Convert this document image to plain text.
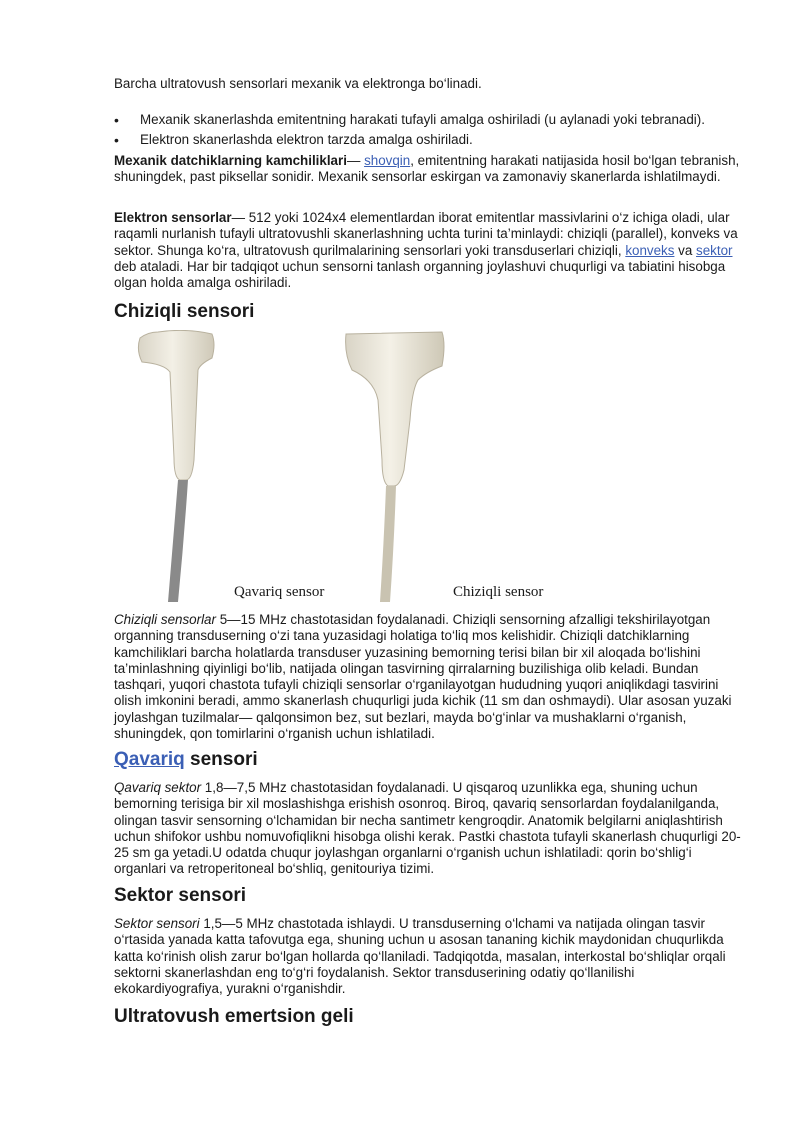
Barcha ultratovush sensorlari mexanik va elektronga bo‘linadi.

• Mexanik skanerlashda emitentning harakati tufayli amalga oshiriladi (u aylanadi yoki tebranadi).
• Elektron skanerlashda elektron tarzda amalga oshiriladi.

Mexanik datchiklarning kamchiliklari— shovqin, emitentning harakati natijasida hosil bo‘lgan tebranish, shuningdek, past piksellar sonidir. Mexanik sensorlar eskirgan va zamonaviy skanerlarda ishlatilmaydi.

Elektron sensorlar— 512 yoki 1024x4 elementlardan iborat emitentlar massivlarini o‘z ichiga oladi, ular raqamli nurlanish tufayli ultratovushli skanerlashning uchta turini ta’minlaydi: chiziqli (parallel), konveks va sektor. Shunga ko‘ra, ultratovush qurilmalarining sensorlari yoki transduserlari chiziqli, konveks va sektor deb ataladi. Har bir tadqiqot uchun sensorni tanlash organning joylashuvi chuqurligi va tabiatini hisobga olgan holda amalga oshiriladi.

Chiziqli sensori
Qavariq sensor	Chiziqli sensor

Chiziqli sensorlar 5—15 MHz chastotasidan foydalanadi. Chiziqli sensorning afzalligi tekshirilayotgan organning transduserning o‘zi tana yuzasidagi holatiga to‘liq mos kelishidir. Chiziqli datchiklarning kamchiliklari barcha holatlarda transduser yuzasining bemorning terisi bilan bir xil aloqada bo‘lishini ta’minlashning qiyinligi bo‘lib, natijada olingan tasvirning qirralarning buzilishiga olib keladi. Bundan tashqari, yuqori chastota tufayli chiziqli sensorlar o‘rganilayotgan hududning yuqori aniqlikdagi tasvirini olish imkonini beradi, ammo skanerlash chuqurligi juda kichik (11 sm dan oshmaydi). Ular asosan yuzaki joylashgan tuzilmalar— qalqonsimon bez, sut bezlari, mayda bo‘g‘inlar va mushaklarni o‘rganish, shuningdek, qon tomirlarini o‘rganish uchun ishlatiladi.

Qavariq sensori

Qavariq sektor 1,8—7,5 MHz chastotasidan foydalanadi. U qisqaroq uzunlikka ega, shuning uchun bemorning terisiga bir xil moslashishga erishish osonroq. Biroq, qavariq sensorlardan foydalanilganda, olingan tasvir sensorning o‘lchamidan bir necha santimetr kengroqdir. Anatomik belgilarni aniqlashtirish uchun shifokor ushbu nomuvofiqlikni hisobga olishi kerak. Pastki chastota tufayli skanerlash chuqurligi 20-25 sm ga yetadi.U odatda chuqur joylashgan organlarni o‘rganish uchun ishlatiladi: qorin bo‘shlig‘i organlari va retroperitoneal bo‘shliq, genitouriya tizimi.

Sektor sensori

Sektor sensori 1,5—5 MHz chastotada ishlaydi. U transduserning o‘lchami va natijada olingan tasvir o‘rtasida yanada katta tafovutga ega, shuning uchun u asosan tananing kichik maydonidan chuqurlikda katta ko‘rinish olish zarur bo‘lgan hollarda qo‘llaniladi. Tadqiqotda, masalan, interkostal bo‘shliqlar orqali sektorni skanerlashdan eng to‘g‘ri foydalanish. Sektor transduserining odatiy qo‘llanilishi ekokardiyografiya, yurakni o‘rganishdir.

Ultratovush emertsion geli
